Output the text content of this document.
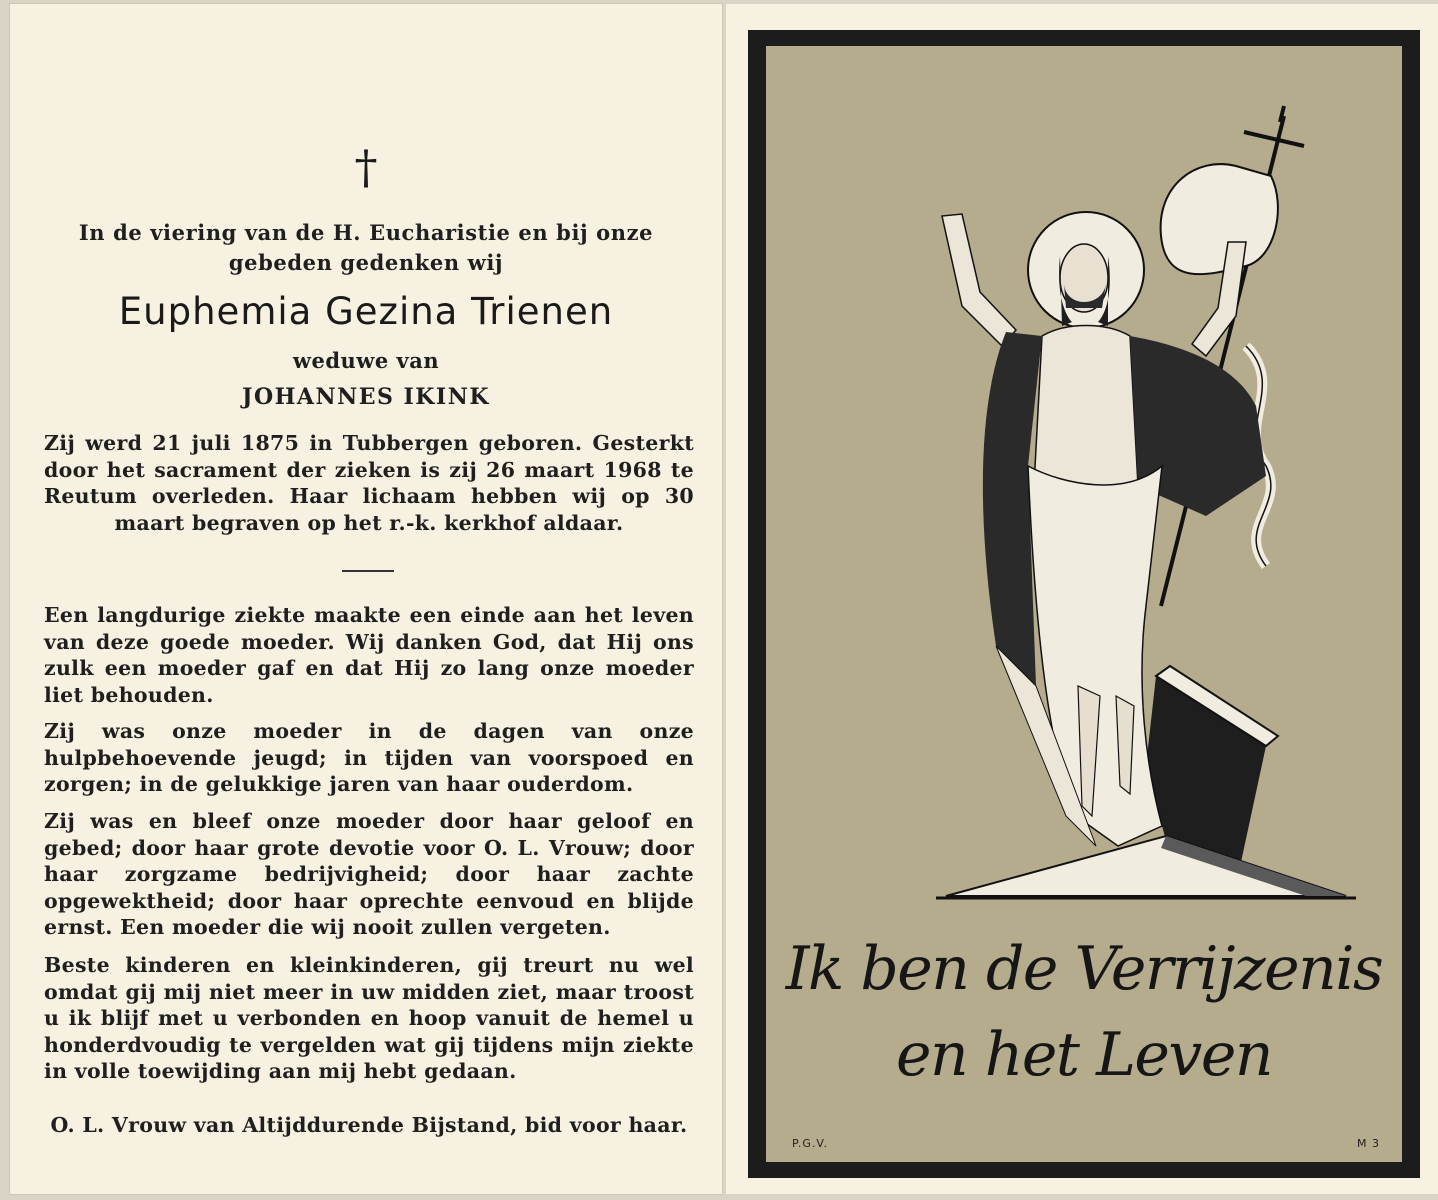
†
In de viering van de H. Eucharistie en bij onze
gebeden gedenken wij
Euphemia Gezina Trienen
weduwe van
JOHANNES IKINK
Zij werd 21 juli 1875 in Tubbergen geboren. Gesterkt door het sacrament der zieken is zij 26 maart 1968 te Reutum overleden. Haar lichaam hebben wij op 30 maart begraven op het r.-k. kerkhof aldaar.
Een langdurige ziekte maakte een einde aan het leven van deze goede moeder. Wij danken God, dat Hij ons zulk een moeder gaf en dat Hij zo lang onze moeder liet behouden.
Zij was onze moeder in de dagen van onze hulpbehoevende jeugd; in tijden van voorspoed en zorgen; in de gelukkige jaren van haar ouderdom.
Zij was en bleef onze moeder door haar geloof en gebed; door haar grote devotie voor O. L. Vrouw; door haar zorgzame bedrijvigheid; door haar zachte opgewektheid; door haar oprechte eenvoud en blijde ernst. Een moeder die wij nooit zullen vergeten.
Beste kinderen en kleinkinderen, gij treurt nu wel omdat gij mij niet meer in uw midden ziet, maar troost u ik blijf met u verbonden en hoop vanuit de hemel u honderdvoudig te vergelden wat gij tijdens mijn ziekte in volle toewijding aan mij hebt gedaan.
O. L. Vrouw van Altijddurende Bijstand, bid voor haar.
Ik ben de Verrijzenis
en het Leven
P.G.V.	M 3
